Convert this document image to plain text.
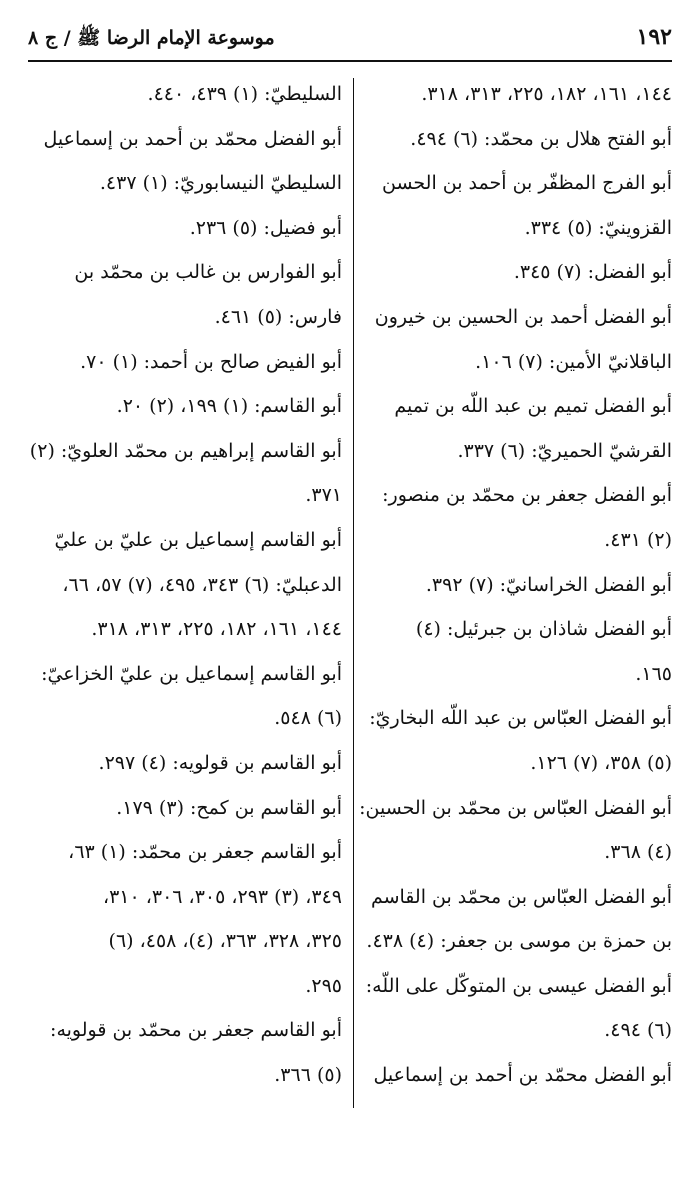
١٩٢
موسوعة الإمام الرضا ﷺ / ج ٨
١٤٤، ١٦١، ١٨٢، ٢٢٥، ٣١٣، ٣١٨.
أبو الفتح هلال بن محمّد: (٦) ٤٩٤.
أبو الفرج المظفّر بن أحمد بن الحسن
القزوينيّ: (٥) ٣٣٤.
أبو الفضل: (٧) ٣٤٥.
أبو الفضل أحمد بن الحسين بن خيرون
الباقلانيّ الأمين: (٧) ١٠٦.
أبو الفضل تميم بن عبد اللّه بن تميم
القرشيّ الحميريّ: (٦) ٣٣٧.
أبو الفضل جعفر بن محمّد بن منصور:
(٢) ٤٣١.
أبو الفضل الخراسانيّ: (٧) ٣٩٢.
أبو الفضل شاذان بن جبرئيل: (٤)
١٦٥.
أبو الفضل العبّاس بن عبد اللّه البخاريّ:
(٥) ٣٥٨، (٧) ١٢٦.
أبو الفضل العبّاس بن محمّد بن الحسين:
(٤) ٣٦٨.
أبو الفضل العبّاس بن محمّد بن القاسم
بن حمزة بن موسى بن جعفر: (٤) ٤٣٨.
أبو الفضل عيسى بن المتوكّل على اللّه:
(٦) ٤٩٤.
أبو الفضل محمّد بن أحمد بن إسماعيل
السليطيّ: (١) ٤٣٩، ٤٤٠.
أبو الفضل محمّد بن أحمد بن إسماعيل
السليطيّ النيسابوريّ: (١) ٤٣٧.
أبو فضيل: (٥) ٢٣٦.
أبو الفوارس بن غالب بن محمّد بن
فارس: (٥) ٤٦١.
أبو الفيض صالح بن أحمد: (١) ٧٠.
أبو القاسم: (١) ١٩٩، (٢) ٢٠.
أبو القاسم إبراهيم بن محمّد العلويّ: (٢)
٣٧١.
أبو القاسم إسماعيل بن عليّ بن عليّ
الدعبليّ: (٦) ٣٤٣، ٤٩٥، (٧) ٥٧، ٦٦،
١٤٤، ١٦١، ١٨٢، ٢٢٥، ٣١٣، ٣١٨.
أبو القاسم إسماعيل بن عليّ الخزاعيّ:
(٦) ٥٤٨.
أبو القاسم بن قولويه: (٤) ٢٩٧.
أبو القاسم بن كمح: (٣) ١٧٩.
أبو القاسم جعفر بن محمّد: (١) ٦٣،
٣٤٩، (٣) ٢٩٣، ٣٠٥، ٣٠٦، ٣١٠،
٣٢٥، ٣٢٨، ٣٦٣، (٤)، ٤٥٨، (٦)
٢٩٥.
أبو القاسم جعفر بن محمّد بن قولويه:
(٥) ٣٦٦.
